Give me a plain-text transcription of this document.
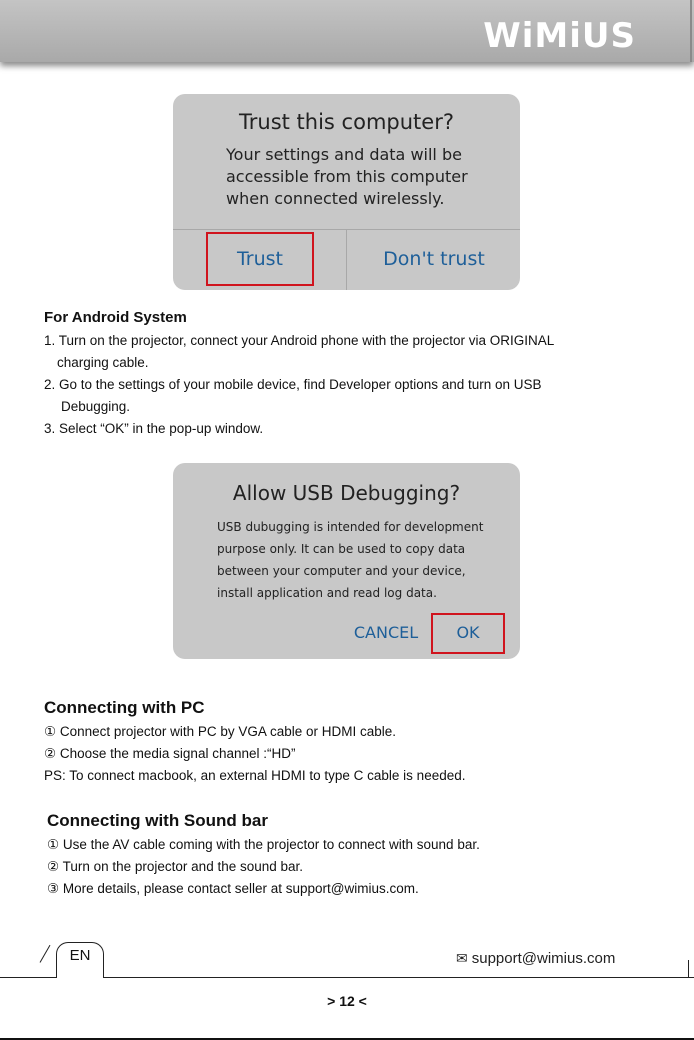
WiMiUS
Trust this computer?
Your settings and data will be
accessible from this computer
when connected wirelessly.
Trust	Don't trust
For Android System
1. Turn on the projector, connect your Android phone with the projector via ORIGINAL
charging cable.
2. Go to the settings of your mobile device, find Developer options and turn on USB
Debugging.
3. Select “OK” in the pop-up window.
Allow USB Debugging?
USB dubugging is intended for development
purpose only. It can be used to copy data
between your computer and your device,
install application and read log data.
CANCEL	OK
Connecting with PC
① Connect projector with PC by VGA cable or HDMI cable.
② Choose the media signal channel :“HD”
PS: To connect macbook, an external HDMI to type C cable is needed.
Connecting with Sound bar
① Use the AV cable coming with the projector to connect with sound bar.
② Turn on the projector and the sound bar.
③ More details, please contact seller at support@wimius.com.
EN	✉ support@wimius.com
> 12 <
